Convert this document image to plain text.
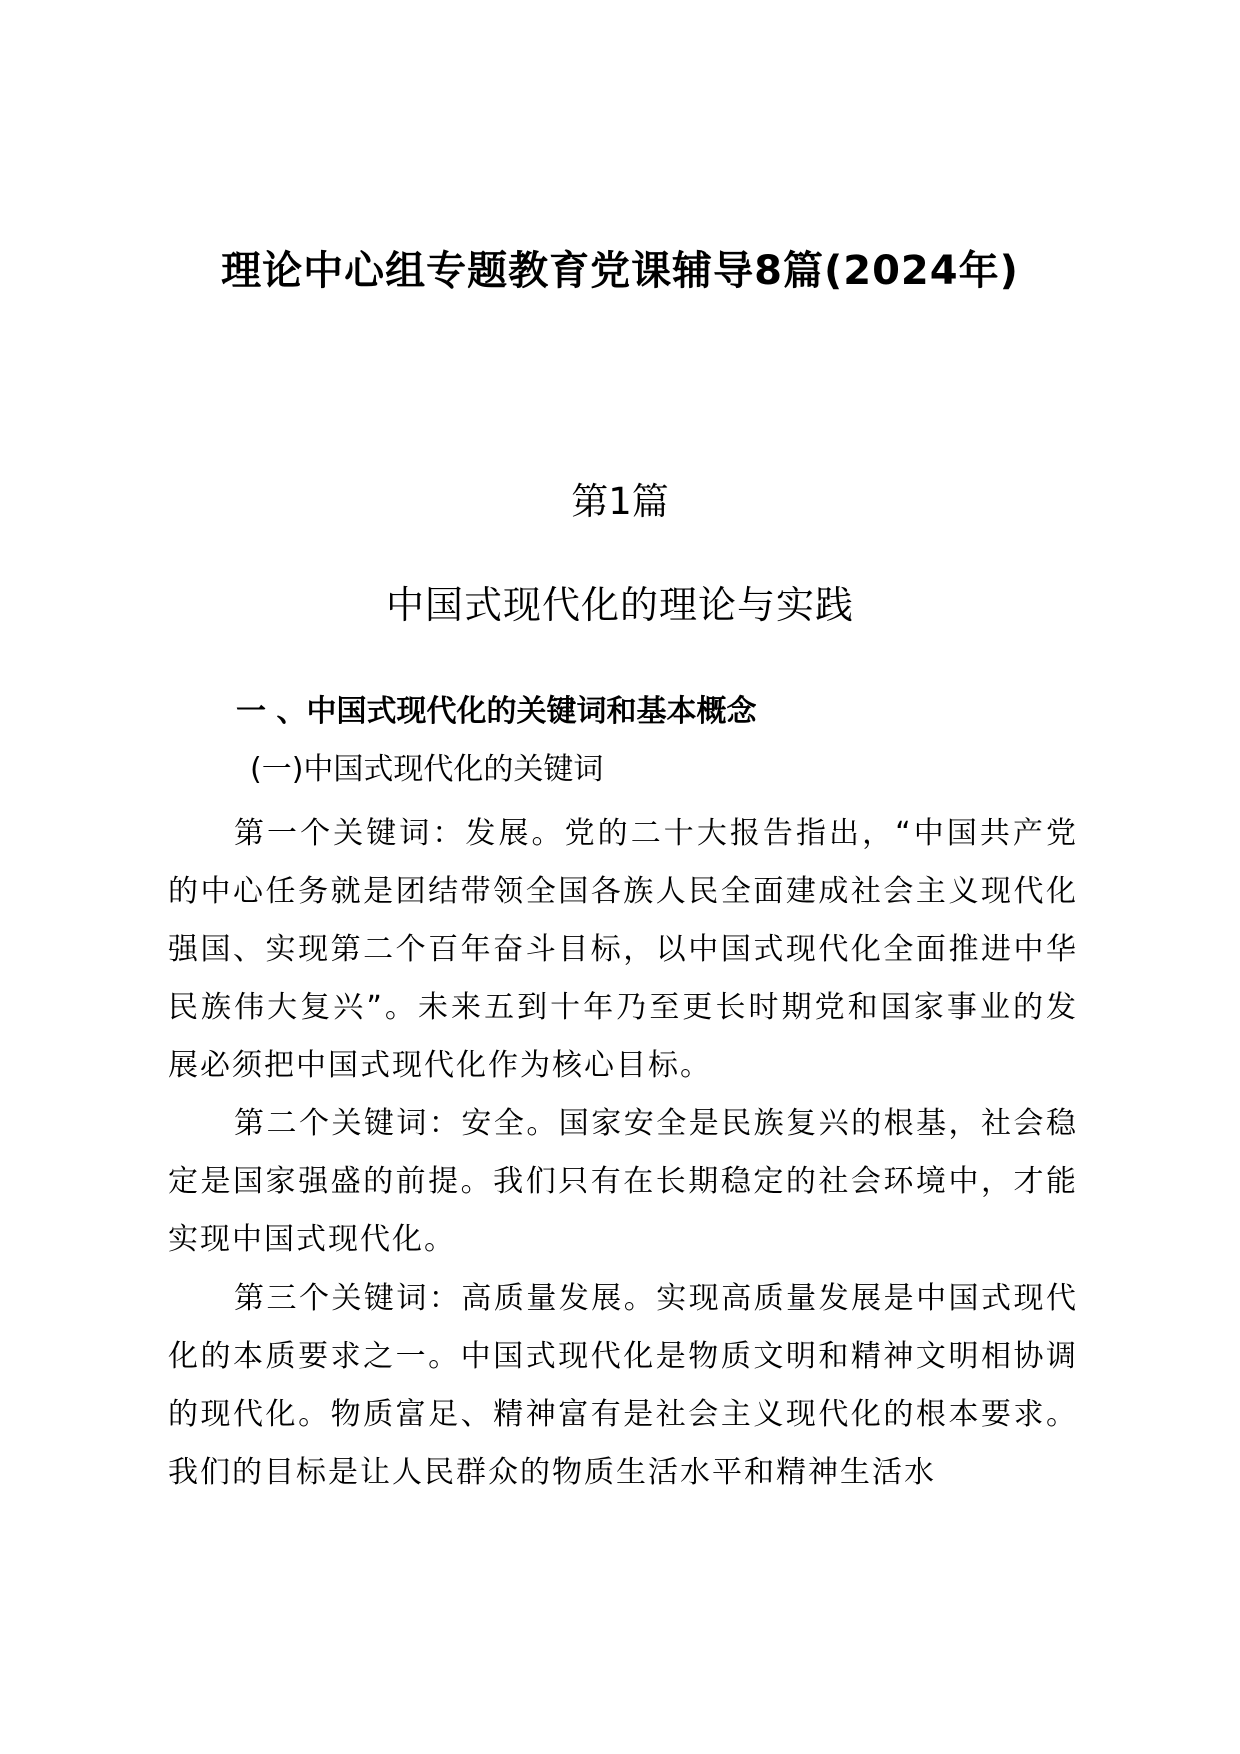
理论中心组专题教育党课辅导8篇(2024年)
第1篇
中国式现代化的理论与实践
一 、中国式现代化的关键词和基本概念
(一)中国式现代化的关键词

第一个关键词：发展。党的二十大报告指出，“中国共产党的中心任务就是团结带领全国各族人民全面建成社会主义现代化强国、实现第二个百年奋斗目标，以中国式现代化全面推进中华民族伟大复兴”。未来五到十年乃至更长时期党和国家事业的发展必须把中国式现代化作为核心目标。

第二个关键词：安全。国家安全是民族复兴的根基，社会稳定是国家强盛的前提。我们只有在长期稳定的社会环境中，才能实现中国式现代化。

第三个关键词：高质量发展。实现高质量发展是中国式现代化的本质要求之一。中国式现代化是物质文明和精神文明相协调的现代化。物质富足、精神富有是社会主义现代化的根本要求。我们的目标是让人民群众的物质生活水平和精神生活水
